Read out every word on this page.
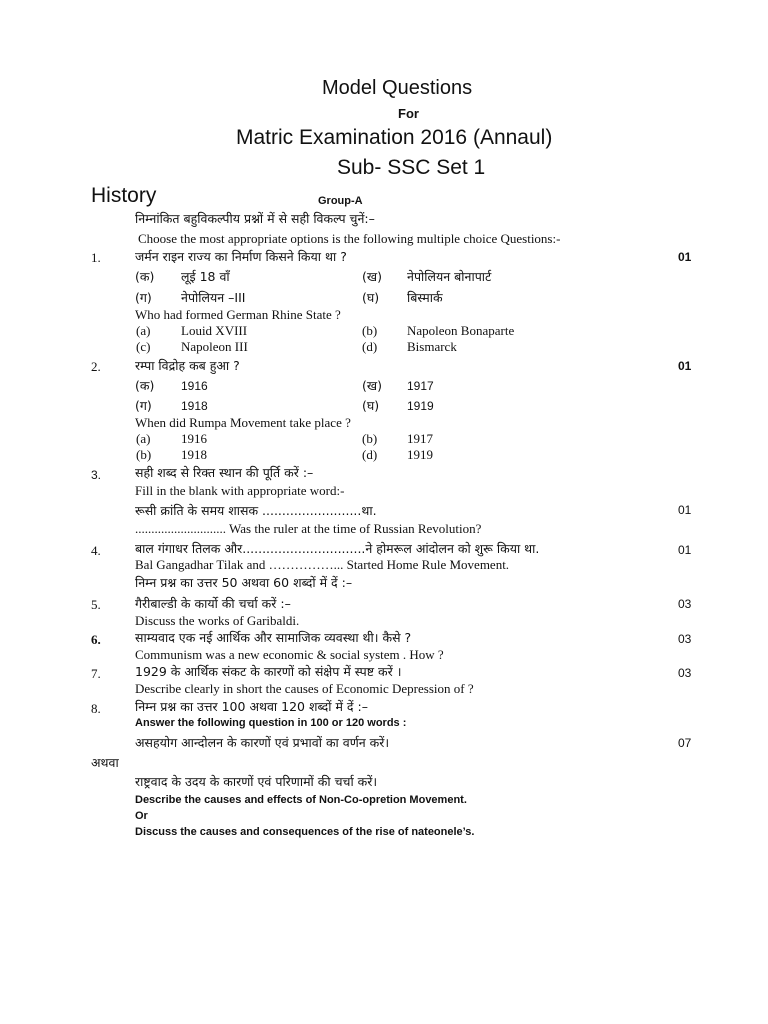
Model Questions
For
Matric Examination 2016 (Annaul)
Sub- SSC Set 1
History	Group-A
निम्नांकित बहुविकल्पीय प्रश्नों में से सही विकल्प चुनें:–
Choose the most appropriate options is the following multiple choice Questions:-
1.	जर्मन राइन राज्य का निर्माण किसने किया था ?	01
(क) लूई 18 वाँ	(ख) नेपोलियन बोनापार्ट
(ग) नेपोलियन –III	(घ) बिस्मार्क
Who had formed German Rhine State ?
(a) Louid XVIII	(b) Napoleon Bonaparte
(c) Napoleon III	(d) Bismarck
2.	रम्पा विद्रोह कब हुआ ?	01
(क) 1916	(ख) 1917
(ग) 1918	(घ) 1919
When did Rumpa Movement take place ?
(a) 1916	(b) 1917
(b) 1918	(d) 1919
3.	सही शब्द से रिक्त स्थान की पूर्ति करें :–
Fill in the blank with appropriate word:-
रूसी क्रांति के समय शासक .........................था.	01
............................ Was the ruler at the time of Russian Revolution?
4.	बाल गंगाधर तिलक और...............................ने होमरूल आंदोलन को शुरू किया था.	01
Bal Gangadhar Tilak and ……………... Started Home Rule Movement.
निम्न प्रश्न का उत्तर 50 अथवा 60 शब्दों में दें :–
5.	गैरीबाल्डी के कार्यो की चर्चा करें :–	03
Discuss the works of Garibaldi.
6.	साम्यवाद एक नई आर्थिक और सामाजिक व्यवस्था थी। कैसे ?	03
Communism was a new economic & social system . How ?
7.	1929 के आर्थिक संकट के कारणों को संक्षेप में स्पष्ट करें ।	03
Describe clearly in short the causes of Economic Depression of ?
8.	निम्न प्रश्न का उत्तर 100 अथवा 120 शब्दों में दें :–
Answer the following question in 100 or 120 words :
असहयोग आन्दोलन के कारणों एवं प्रभावों का वर्णन करें।	07
अथवा
राष्ट्रवाद के उदय के कारणों एवं परिणामों की चर्चा करें।
Describe the causes and effects of Non-Co-opretion Movement.
Or
Discuss the causes and consequences of the rise of nateonele’s.
